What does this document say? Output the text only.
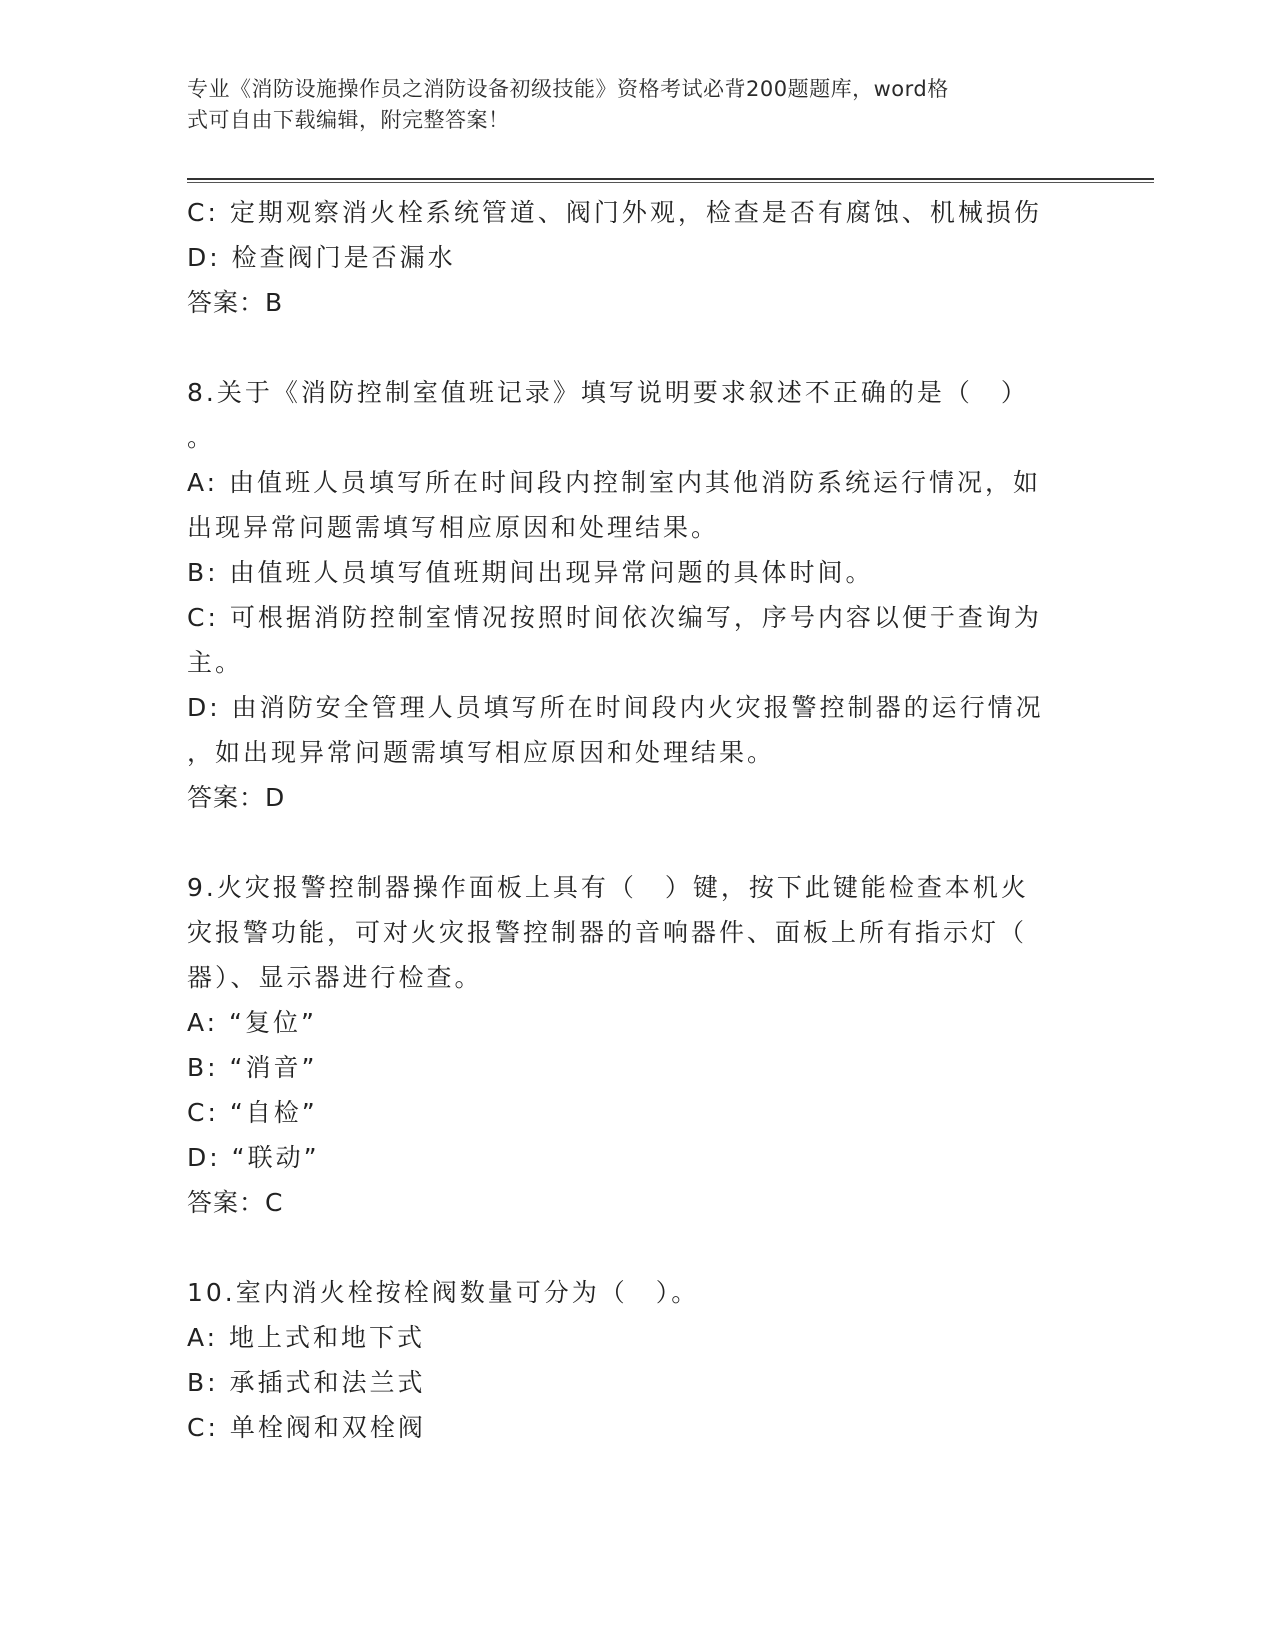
专业《消防设施操作员之消防设备初级技能》资格考试必背200题题库，word格
式可自由下载编辑，附完整答案！
C: 定期观察消火栓系统管道、阀门外观，检查是否有腐蚀、机械损伤
D: 检查阀门是否漏水
答案：B
8.关于《消防控制室值班记录》填写说明要求叙述不正确的是（　）
。
A: 由值班人员填写所在时间段内控制室内其他消防系统运行情况，如
出现异常问题需填写相应原因和处理结果。
B: 由值班人员填写值班期间出现异常问题的具体时间。
C: 可根据消防控制室情况按照时间依次编写，序号内容以便于查询为
主。
D: 由消防安全管理人员填写所在时间段内火灾报警控制器的运行情况
，如出现异常问题需填写相应原因和处理结果。
答案：D
9.火灾报警控制器操作面板上具有（　）键，按下此键能检查本机火
灾报警功能，可对火灾报警控制器的音响器件、面板上所有指示灯（
器）、显示器进行检查。
A: “复位”
B: “消音”
C: “自检”
D: “联动”
答案：C
10.室内消火栓按栓阀数量可分为（　）。
A: 地上式和地下式
B: 承插式和法兰式
C: 单栓阀和双栓阀
